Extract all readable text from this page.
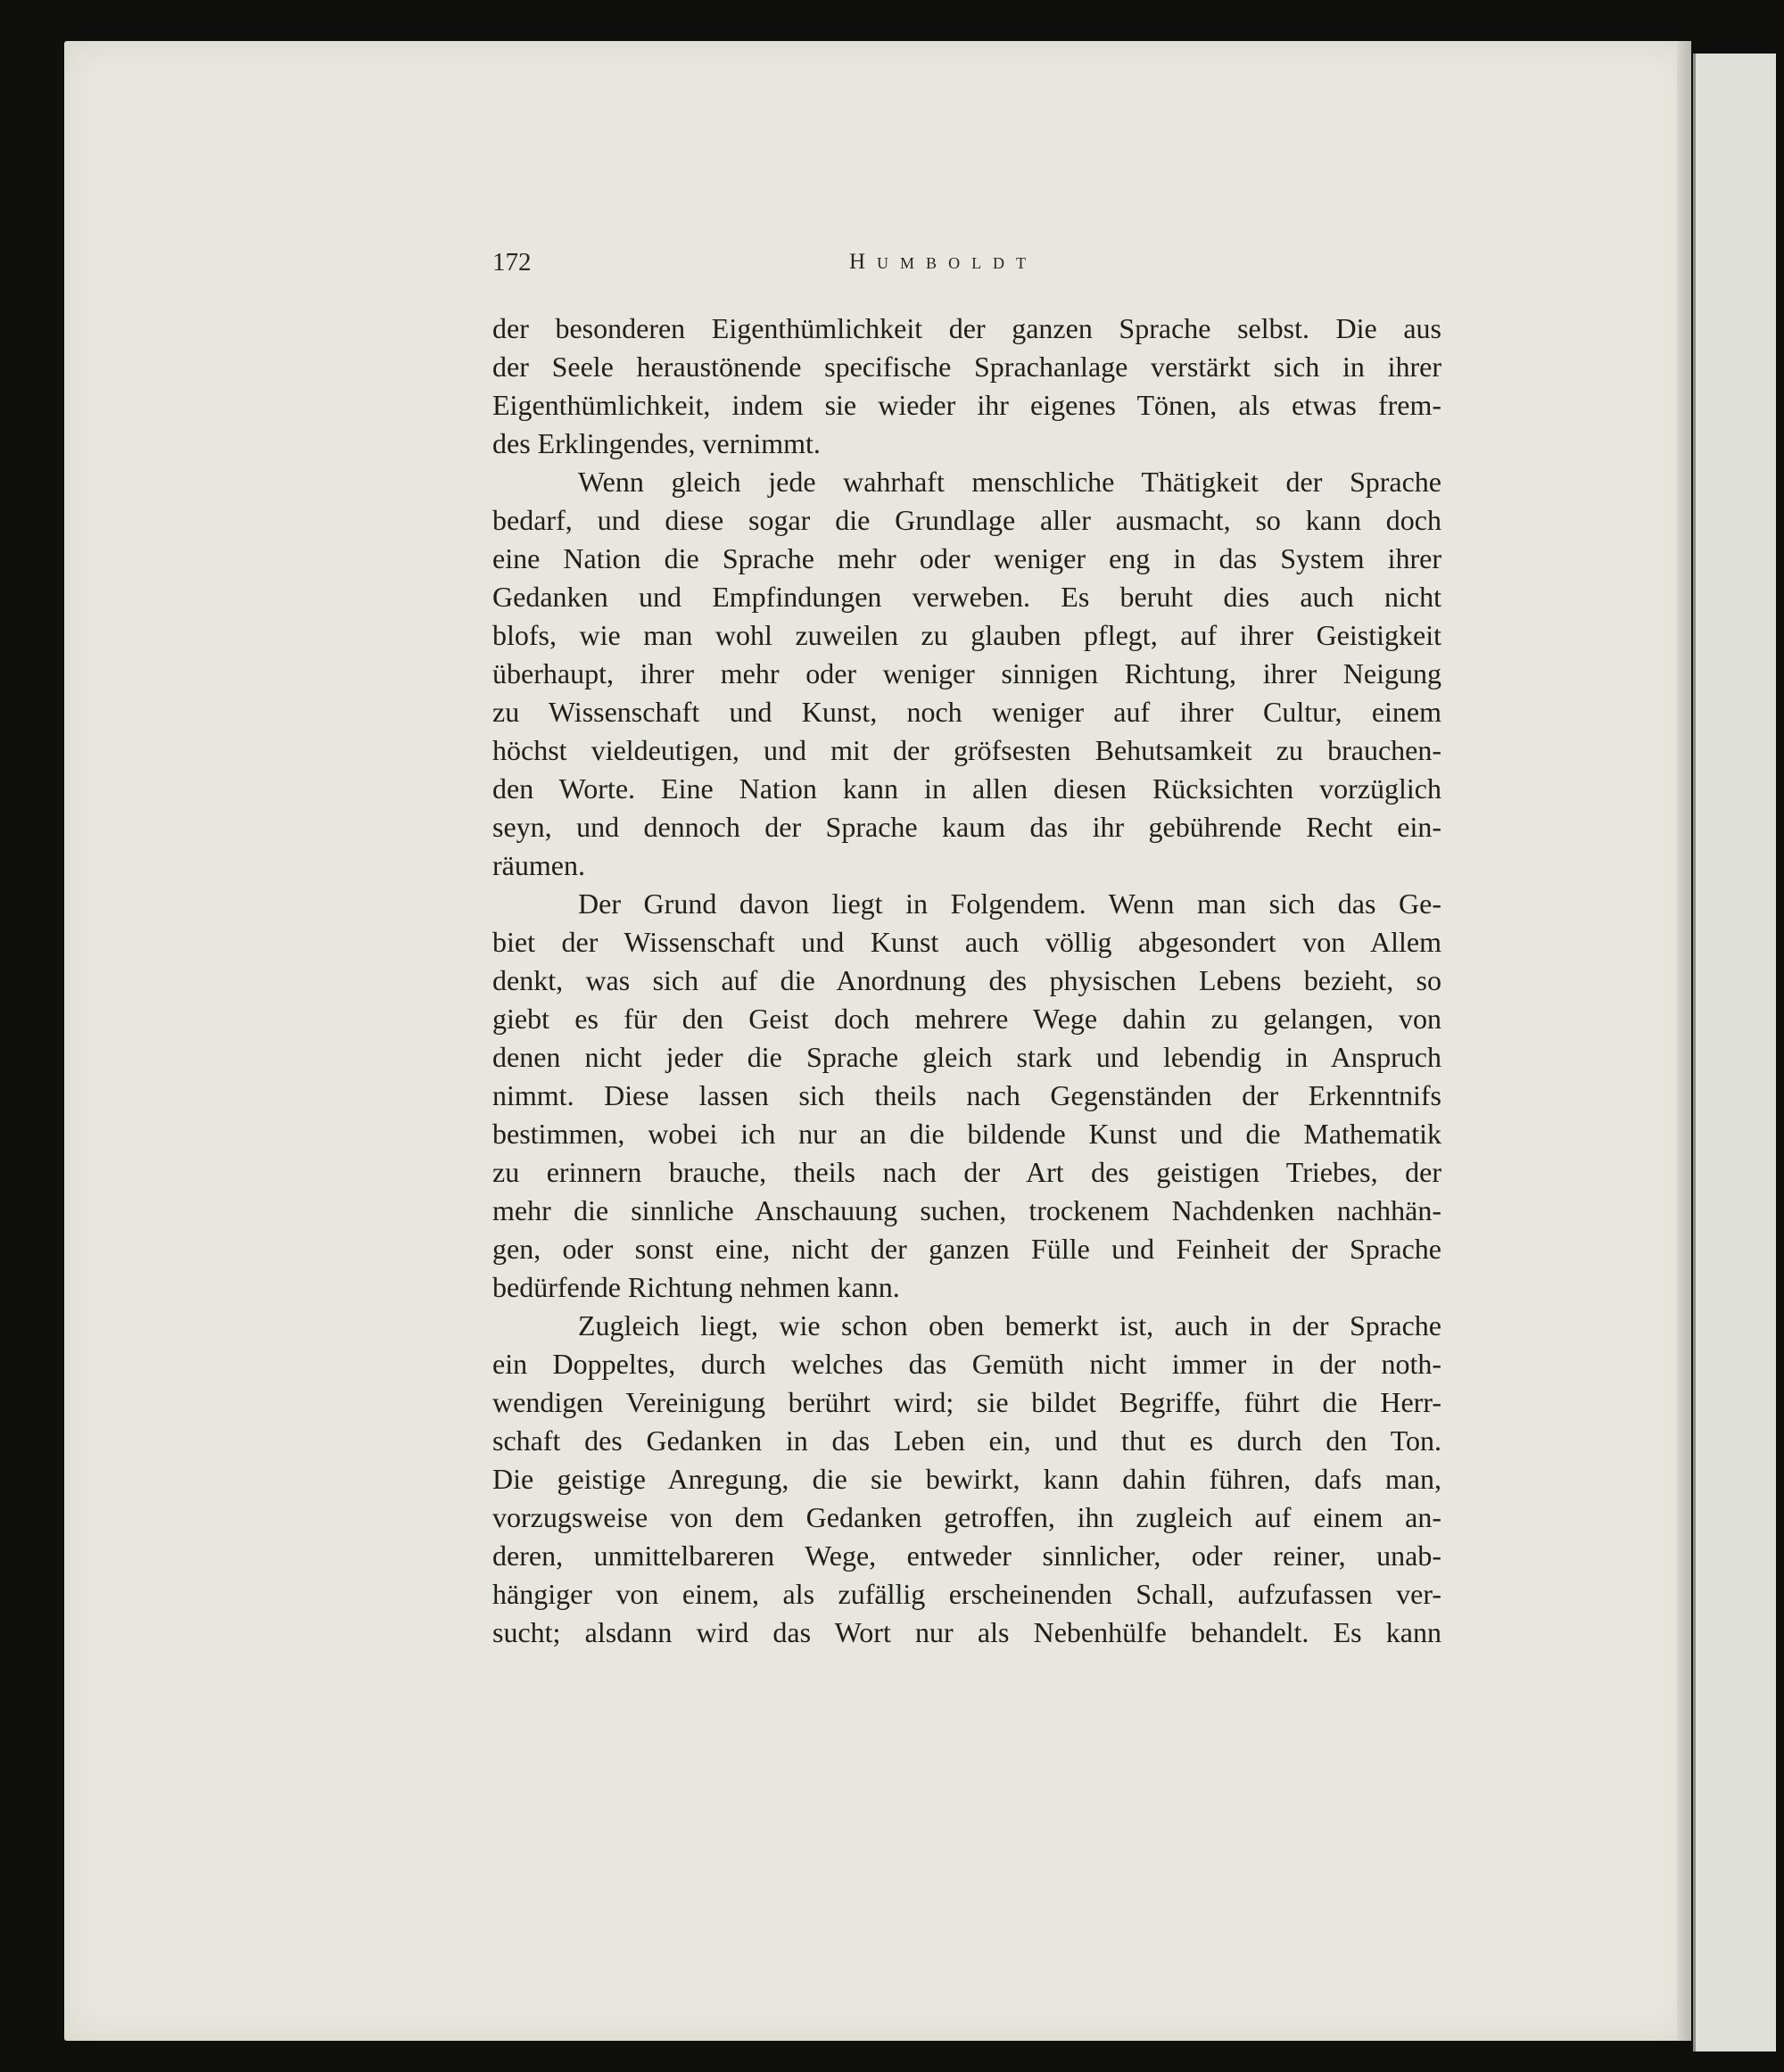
172	Humboldt
der besonderen Eigenthümlichkeit der ganzen Sprache selbst. Die aus
der Seele heraustönende specifische Sprachanlage verstärkt sich in ihrer
Eigenthümlichkeit, indem sie wieder ihr eigenes Tönen, als etwas frem-
des Erklingendes, vernimmt.
Wenn gleich jede wahrhaft menschliche Thätigkeit der Sprache
bedarf, und diese sogar die Grundlage aller ausmacht, so kann doch
eine Nation die Sprache mehr oder weniger eng in das System ihrer
Gedanken und Empfindungen verweben. Es beruht dies auch nicht
blofs, wie man wohl zuweilen zu glauben pflegt, auf ihrer Geistigkeit
überhaupt, ihrer mehr oder weniger sinnigen Richtung, ihrer Neigung
zu Wissenschaft und Kunst, noch weniger auf ihrer Cultur, einem
höchst vieldeutigen, und mit der gröfsesten Behutsamkeit zu brauchen-
den Worte. Eine Nation kann in allen diesen Rücksichten vorzüglich
seyn, und dennoch der Sprache kaum das ihr gebührende Recht ein-
räumen.
Der Grund davon liegt in Folgendem. Wenn man sich das Ge-
biet der Wissenschaft und Kunst auch völlig abgesondert von Allem
denkt, was sich auf die Anordnung des physischen Lebens bezieht, so
giebt es für den Geist doch mehrere Wege dahin zu gelangen, von
denen nicht jeder die Sprache gleich stark und lebendig in Anspruch
nimmt. Diese lassen sich theils nach Gegenständen der Erkenntnifs
bestimmen, wobei ich nur an die bildende Kunst und die Mathematik
zu erinnern brauche, theils nach der Art des geistigen Triebes, der
mehr die sinnliche Anschauung suchen, trockenem Nachdenken nachhän-
gen, oder sonst eine, nicht der ganzen Fülle und Feinheit der Sprache
bedürfende Richtung nehmen kann.
Zugleich liegt, wie schon oben bemerkt ist, auch in der Sprache
ein Doppeltes, durch welches das Gemüth nicht immer in der noth-
wendigen Vereinigung berührt wird; sie bildet Begriffe, führt die Herr-
schaft des Gedanken in das Leben ein, und thut es durch den Ton.
Die geistige Anregung, die sie bewirkt, kann dahin führen, dafs man,
vorzugsweise von dem Gedanken getroffen, ihn zugleich auf einem an-
deren, unmittelbareren Wege, entweder sinnlicher, oder reiner, unab-
hängiger von einem, als zufällig erscheinenden Schall, aufzufassen ver-
sucht; alsdann wird das Wort nur als Nebenhülfe behandelt. Es kann
